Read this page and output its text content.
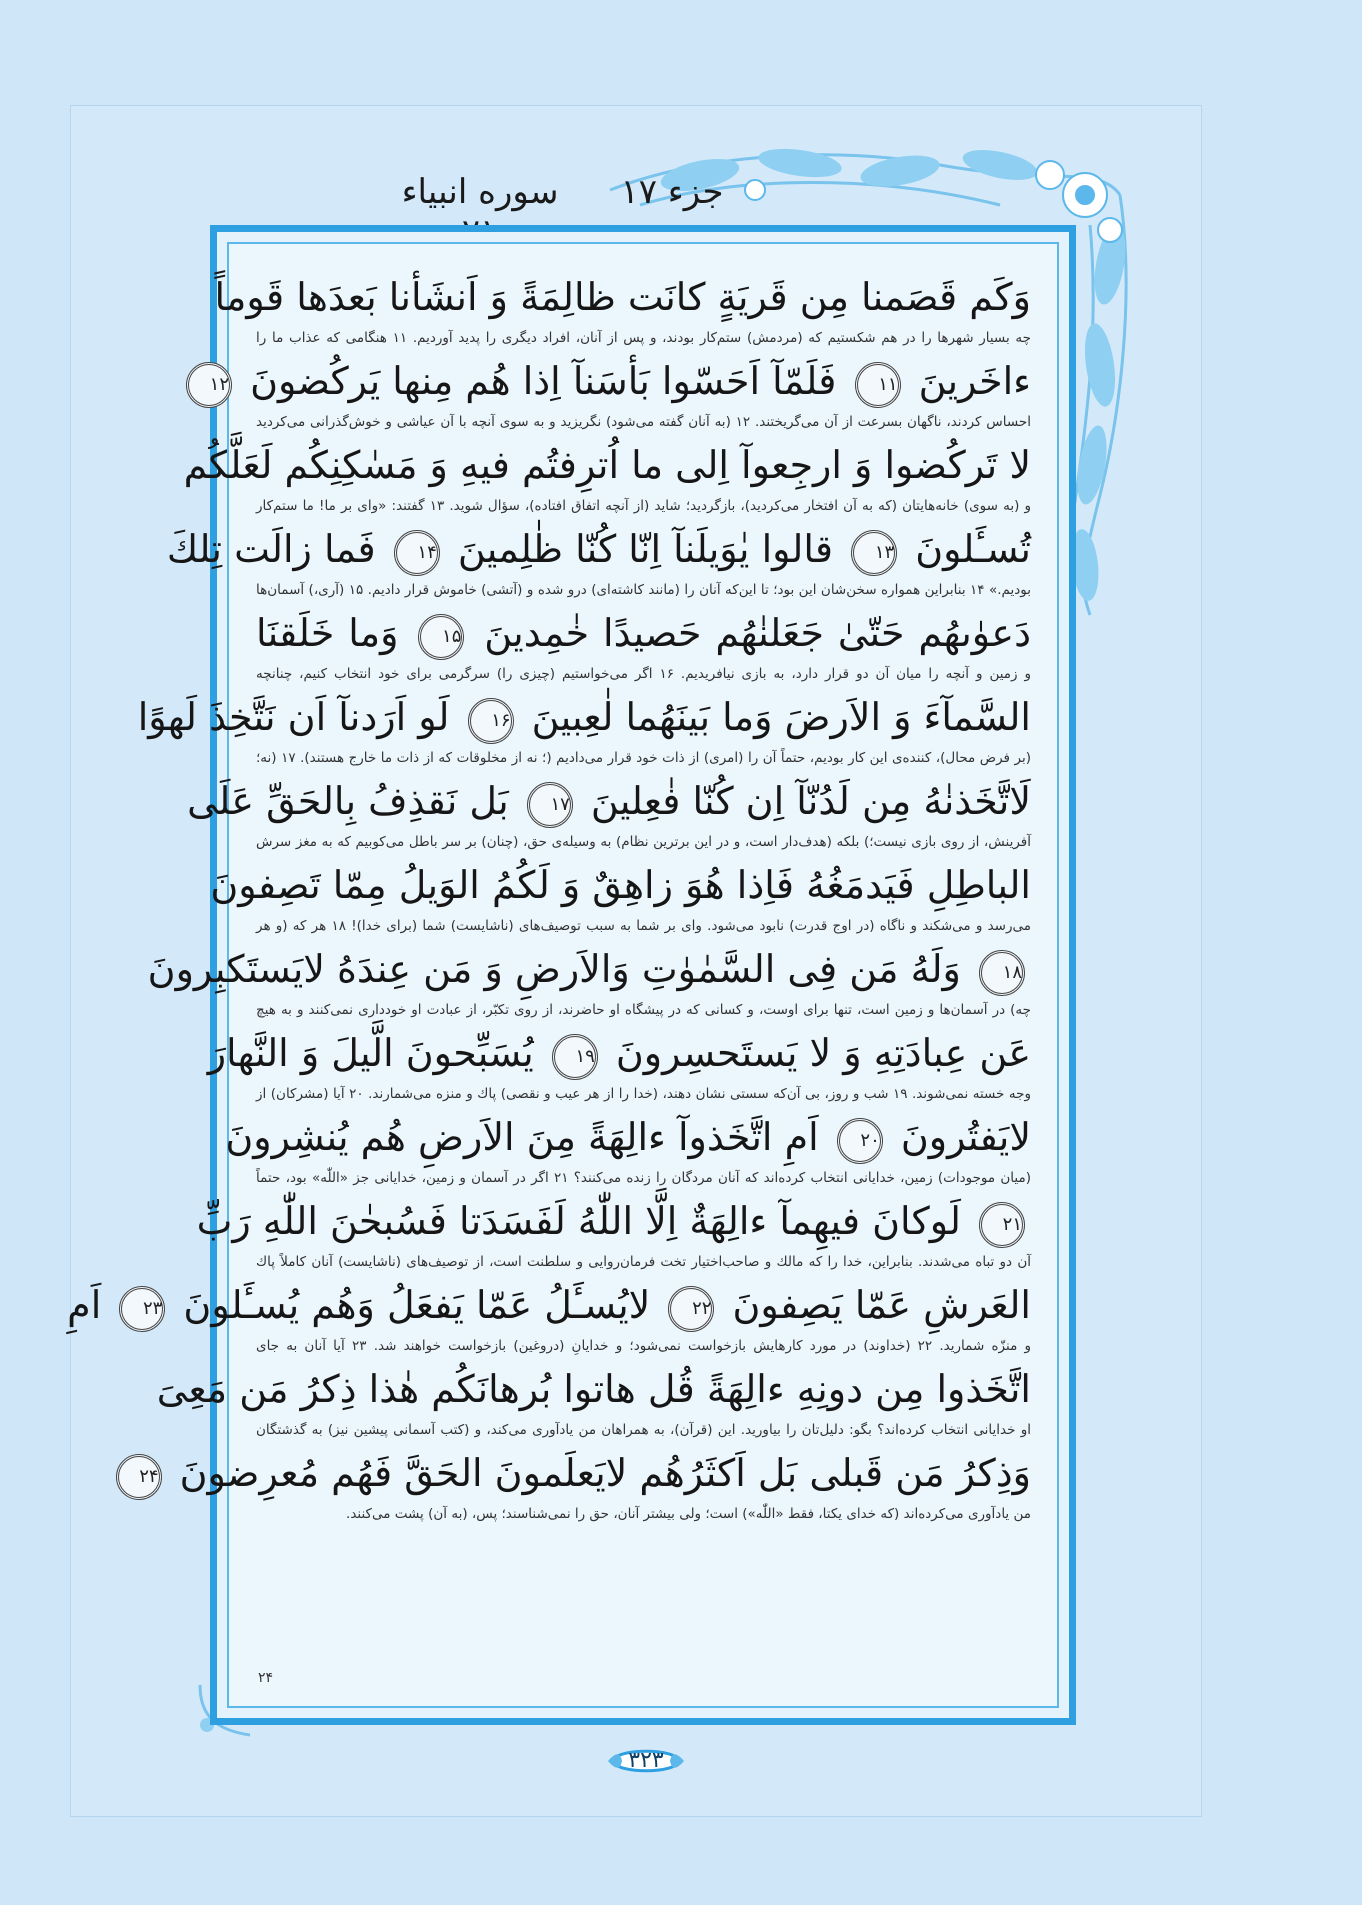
جزء ۱۷
سوره انبياء
وَكَم قَصَمنا مِن قَريَةٍ كانَت ظالِمَةً وَ اَنشَأنا بَعدَها قَوماً
چه بسيار شهرها را در هم شكستيم كه (مردمش) ستم‌كار بودند، و پس از آنان، افراد ديگرى را پديد آورديم. ۱۱ هنگامى كه عذاب ما را
ءاخَرينَ ۱۱ فَلَمّآ اَحَسّوا بَأسَنآ اِذا هُم مِنها يَركُضونَ ۱۲
احساس كردند، ناگهان بسرعت از آن مى‌گريختند. ۱۲ (به آنان گفته مى‌شود) نگريزيد و به سوى آنچه با آن عياشى و خوش‌گذرانى مى‌كرديد
لا تَركُضوا وَ ارجِعوآ اِلى ما اُترِفتُم فيهِ وَ مَسٰكِنِكُم لَعَلَّكُم
و (به سوى) خانه‌هايتان (كه به آن افتخار مى‌كرديد)، بازگرديد؛ شايد (از آنچه اتفاق افتاده)، سؤال شويد. ۱۳ گفتند: «واى بر ما! ما ستم‌كار
تُسـَٔلونَ ۱۳ قالوا يٰوَيلَنآ اِنّا كُنّا ظٰلِمينَ ۱۴ فَما زالَت تِلكَ
بوديم.» ۱۴ بنابراين هموارە سخن‌شان اين بود؛ تا اين‌كه آنان را (مانند كاشته‌اى) درو شده و (آتشى) خاموش قرار داديم. ۱۵ (آرى،) آسمان‌ها
دَعوٰىهُم حَتّىٰ جَعَلنٰهُم حَصيدًا خٰمِدينَ ۱۵ وَما خَلَقنَا
و زمين و آنچه را ميان آن دو قرار دارد، به بازى نيافريديم. ۱۶ اگر مى‌خواستيم (چيزى را) سرگرمى براى خود انتخاب كنيم، چنانچه
السَّمآءَ وَ الاَرضَ وَما بَينَهُما لٰعِبينَ ۱۶ لَو اَرَدنآ اَن نَتَّخِذَ لَهوًا
(بر فرض محال)، كننده‌ى اين كار بوديم، حتماً آن را (امرى) از ذات خود قرار مى‌داديم (؛ نه از مخلوقات كه از ذات ما خارج هستند). ۱۷ (نه؛
لَاتَّخَذنٰهُ مِن لَدُنّآ اِن كُنّا فٰعِلينَ ۱۷ بَل نَقذِفُ بِالحَقِّ عَلَى
آفرينش، از روى بازى نيست؛) بلكه (هدف‌دار است، و در اين برترين نظام) به وسيله‌ى حق، (چنان) بر سر باطل مى‌كوبيم كه به مغز سرش
الباطِلِ فَيَدمَغُهُ فَاِذا هُوَ زاهِقٌ وَ لَكُمُ الوَيلُ مِمّا تَصِفونَ
مى‌رسد و مى‌شكند و ناگاه (در اوج قدرت) نابود مى‌شود. واى بر شما به سبب توصيف‌هاى (ناشايست) شما (براى خدا)! ۱۸ هر كه (و هر
۱۸ وَلَهُ مَن فِى السَّمٰوٰتِ وَالاَرضِ وَ مَن عِندَهُ لايَستَكبِرونَ
چه) در آسمان‌ها و زمين است، تنها براى اوست، و كسانى كه در پيشگاه او حاضرند، از روى تكبّر، از عبادت او خوددارى نمى‌كنند و به هيچ
عَن عِبادَتِهِ وَ لا يَستَحسِرونَ ۱۹ يُسَبِّحونَ الَّيلَ وَ النَّهارَ
وجه خسته نمى‌شوند. ۱۹ شب و روز، بى آن‌كه سستى نشان دهند، (خدا را از هر عيب و نقصى) پاك و منزه مى‌شمارند. ۲۰ آيا (مشركان) از
لايَفتُرونَ ۲۰ اَمِ اتَّخَذوآ ءالِهَةً مِنَ الاَرضِ هُم يُنشِرونَ
(ميان موجودات) زمين، خدايانى انتخاب كرده‌اند كه آنان مردگان را زنده مى‌كنند؟ ۲۱ اگر در آسمان و زمين، خدايانى جز «اللّٰه» بود، حتماً
۲۱ لَوكانَ فيهِمآ ءالِهَةٌ اِلَّا اللّٰهُ لَفَسَدَتا فَسُبحٰنَ اللّٰهِ رَبِّ
آن دو تباه مى‌شدند. بنابراين، خدا را كه مالك و صاحب‌اختيار تخت فرمان‌روايى و سلطنت است، از توصيف‌هاى (ناشايست) آنان كاملاً پاك
العَرشِ عَمّا يَصِفونَ ۲۲ لايُسـَٔلُ عَمّا يَفعَلُ وَهُم يُسـَٔلونَ ۲۳ اَمِ
و منزّه شماريد. ۲۲ (خداوند) در مورد كارهايش بازخواست نمى‌شود؛ و خدايانِ (دروغين) بازخواست خواهند شد. ۲۳ آيا آنان به جاى
اتَّخَذوا مِن دونِهِ ءالِهَةً قُل هاتوا بُرهانَكُم هٰذا ذِكرُ مَن مَعِىَ
او خدايانى انتخاب كرده‌اند؟ بگو: دليل‌تان را بياوريد. اين (قرآن)، به همراهان من يادآورى مى‌كند، و (كتب آسمانى پيشين نيز) به گذشتگان
وَذِكرُ مَن قَبلى بَل اَكثَرُهُم لايَعلَمونَ الحَقَّ فَهُم مُعرِضونَ ۲۴
من يادآورى مى‌كرده‌اند (كه خداى يكتا، فقط «اللّٰه») است؛ ولى بيشتر آنان، حق را نمى‌شناسند؛ پس، (به آن) پشت مى‌كنند.
۲۴
۳۲۳
